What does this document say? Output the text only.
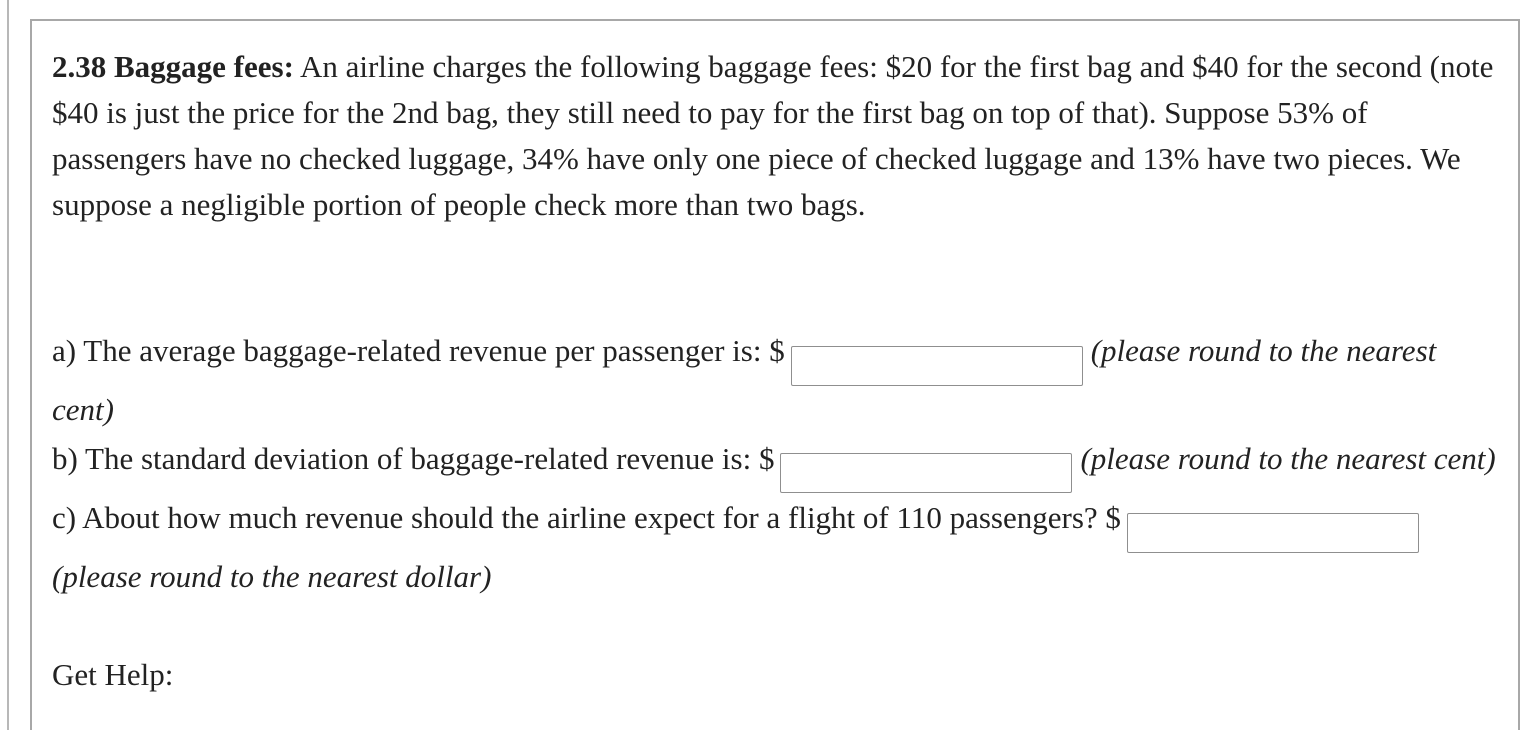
2.38 Baggage fees: An airline charges the following baggage fees: $20 for the first bag and $40 for the second (note $40 is just the price for the 2nd bag, they still need to pay for the first bag on top of that). Suppose 53% of passengers have no checked luggage, 34% have only one piece of checked luggage and 13% have two pieces. We suppose a negligible portion of people check more than two bags.

a) The average baggage-related revenue per passenger is: $	(please round to the nearest cent)

b) The standard deviation of baggage-related revenue is: $	(please round to the nearest cent)

c) About how much revenue should the airline expect for a flight of 110 passengers? $
(please round to the nearest dollar)

Get Help:
